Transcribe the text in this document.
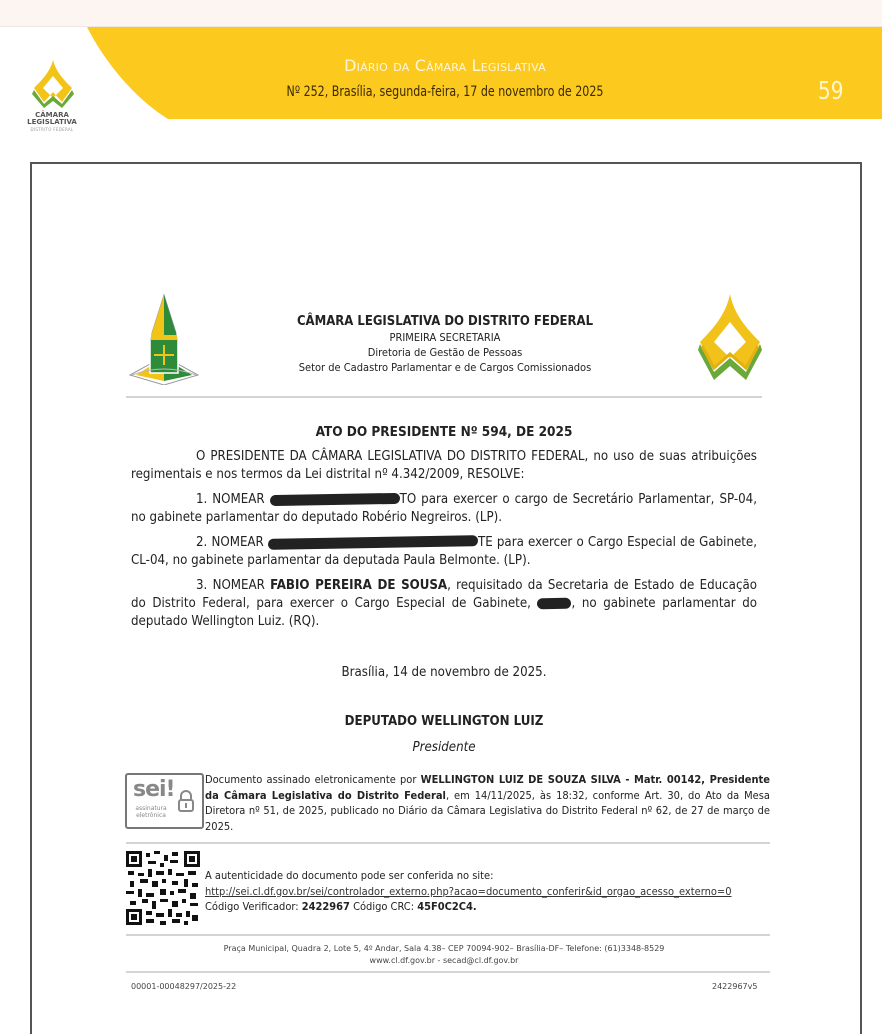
CÂMARA
LEGISLATIVA
DISTRITO FEDERAL
Diário da Câmara Legislativa
Nº 252, Brasília, segunda-feira, 17 de novembro de 2025	59
CÂMARA LEGISLATIVA DO DISTRITO FEDERAL
PRIMEIRA SECRETARIA
Diretoria de Gestão de Pessoas
Setor de Cadastro Parlamentar e de Cargos Comissionados
ATO DO PRESIDENTE Nº 594, DE 2025

O PRESIDENTE DA CÂMARA LEGISLATIVA DO DISTRITO FEDERAL, no uso de suas atribuições regimentais e nos termos da Lei distrital nº 4.342/2009, RESOLVE:

1. NOMEAR	TO para exercer o cargo de Secretário Parlamentar, SP-04, no gabinete parlamentar do deputado Robério Negreiros. (LP).

2. NOMEAR	TE para exercer o Cargo Especial de Gabinete, CL-04, no gabinete parlamentar da deputada Paula Belmonte. (LP).

3. NOMEAR FABIO PEREIRA DE SOUSA, requisitado da Secretaria de Estado de Educação do Distrito Federal, para exercer o Cargo Especial de Gabinete,	, no gabinete parlamentar do deputado Wellington Luiz. (RQ).

Brasília, 14 de novembro de 2025.
DEPUTADO WELLINGTON LUIZ
Presidente
sei!
assinatura
eletrônica
Documento assinado eletronicamente por WELLINGTON LUIZ DE SOUZA SILVA - Matr. 00142, Presidente da Câmara Legislativa do Distrito Federal, em 14/11/2025, às 18:32, conforme Art. 30, do Ato da Mesa Diretora nº 51, de 2025, publicado no Diário da Câmara Legislativa do Distrito Federal nº 62, de 27 de março de 2025.
A autenticidade do documento pode ser conferida no site:
http://sei.cl.df.gov.br/sei/controlador_externo.php?acao=documento_conferir&id_orgao_acesso_externo=0
Código Verificador: 2422967 Código CRC: 45F0C2C4.
Praça Municipal, Quadra 2, Lote 5, 4º Andar, Sala 4.38– CEP 70094-902– Brasília-DF– Telefone: (61)3348-8529
www.cl.df.gov.br - secad@cl.df.gov.br
00001-00048297/2025-22	2422967v5
